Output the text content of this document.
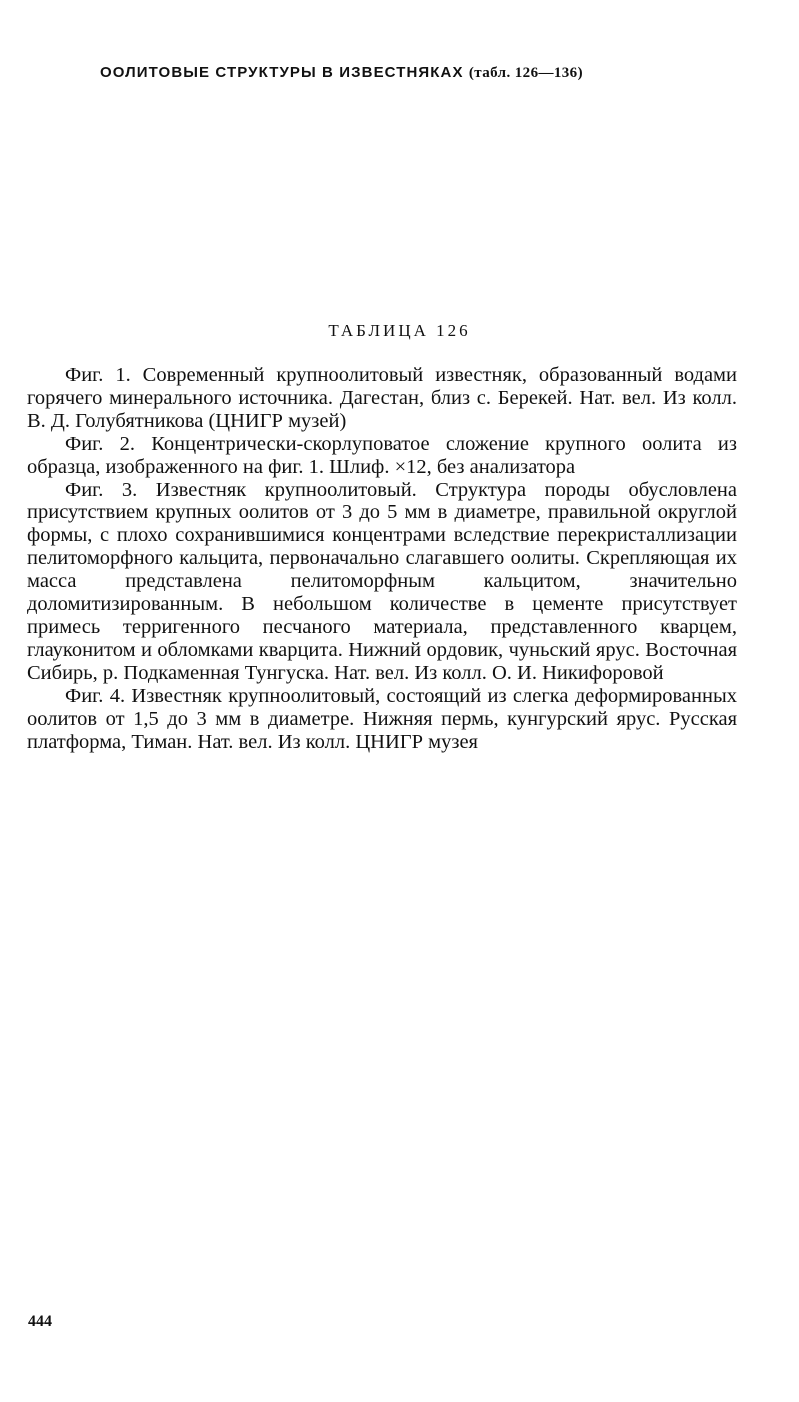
ООЛИТОВЫЕ СТРУКТУРЫ В ИЗВЕСТНЯКАХ (табл. 126—136)
ТАБЛИЦА 126

Фиг. 1. Современный крупноолитовый известняк, образованный водами горячего минерального источника. Дагестан, близ с. Берекей. Нат. вел. Из колл. В. Д. Голубятникова (ЦНИГР музей)

Фиг. 2. Концентрически-скорлуповатое сложение крупного оолита из образца, изображенного на фиг. 1. Шлиф. ×12, без анализатора

Фиг. 3. Известняк крупноолитовый. Структура породы обусловлена присутствием крупных оолитов от 3 до 5 мм в диаметре, правильной округлой формы, с плохо сохранившимися концентрами вследствие перекристаллизации пелитоморфного кальцита, первоначально слагавшего оолиты. Скрепляющая их масса представлена пелитоморфным кальцитом, значительно доломитизированным. В небольшом количестве в цементе присутствует примесь терригенного песчаного материала, представленного кварцем, глауконитом и обломками кварцита. Нижний ордовик, чуньский ярус. Восточная Сибирь, р. Подкаменная Тунгуска. Нат. вел. Из колл. О. И. Никифоровой

Фиг. 4. Известняк крупноолитовый, состоящий из слегка деформированных оолитов от 1,5 до 3 мм в диаметре. Нижняя пермь, кунгурский ярус. Русская платформа, Тиман. Нат. вел. Из колл. ЦНИГР музея

444
